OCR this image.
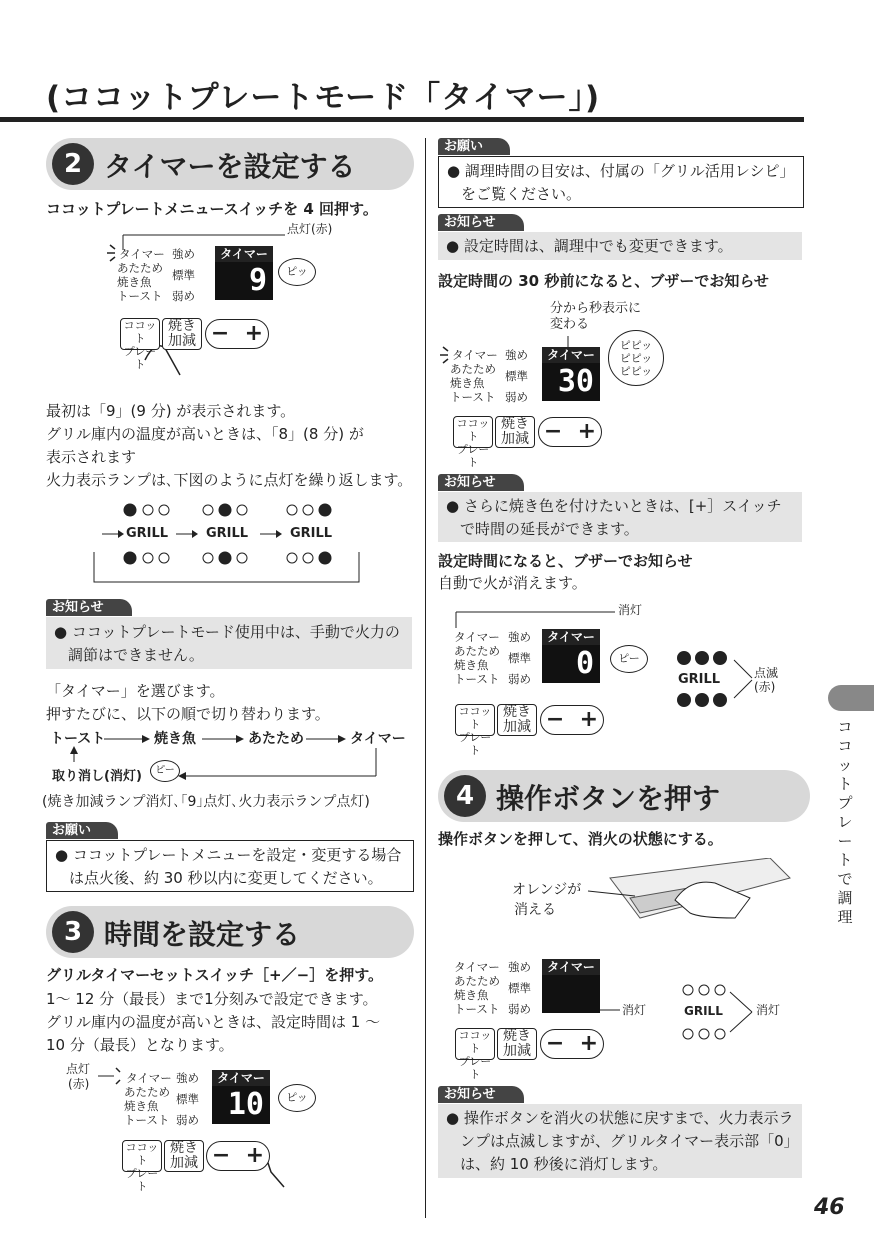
(ココットプレートモード「タイマー」)
2 タイマーを設定する
ココットプレートメニュースイッチを 4 回押す。
点灯(赤)
タイマー
あたため
焼き魚
トースト
強め
標準
弱め
タイマー
9	ピッ
ココット
プレート
焼き
加減 − +
最初は「9」(9 分) が表示されます。
グリル庫内の温度が高いときは、「8」(8 分) が
表示されます
火力表示ランプは､下図のように点灯を繰り返します。
GRILL	GRILL	GRILL
お知らせ
● ココットプレートモード使用中は、手動で火力の
調節はできません。
「タイマー」を選びます。
押すたびに、以下の順で切り替わります。
トースト	焼き魚	あたため	タイマー
取り消し(消灯)	ピー
(焼き加減ランプ消灯､｢9｣点灯､火力表示ランプ点灯)
お願い
● ココットプレートメニューを設定・変更する場合
は点火後、約 30 秒以内に変更してください。
3 時間を設定する
グリルタイマーセットスイッチ［+／−］を押す。
1〜 12 分（最長）まで1分刻みで設定できます。
グリル庫内の温度が高いときは、設定時間は 1 〜
10 分（最長）となります。
点灯
(赤)	タイマー
あたため
焼き魚
トースト
強め
標準
弱め
タイマー
10	ピッ
ココット
プレート
焼き
加減 − +
お願い
● 調理時間の目安は、付属の「グリル活用レシピ」
をご覧ください。
お知らせ
● 設定時間は、調理中でも変更できます。
設定時間の 30 秒前になると、ブザーでお知らせ
分から秒表示に
変わる
タイマー
あたため
焼き魚
トースト
強め
標準
弱め
タイマー
30
ピピッ
ピピッ
ピピッ
ココット
プレート
焼き
加減 − +
お知らせ
● さらに焼き色を付けたいときは、[+］スイッチ
で時間の延長ができます。
設定時間になると、ブザーでお知らせ
自動で火が消えます。
消灯
タイマー
あたため
焼き魚
トースト
強め
標準
弱め
タイマー
0	ピー
GRILL	点滅
(赤)
ココット
プレート
焼き
加減 − +
4 操作ボタンを押す
操作ボタンを押して、消火の状態にする。
オレンジが
消える
タイマー
あたため
焼き魚
トースト
強め
標準
弱め
タイマー
消灯	GRILL	消灯
ココット
プレート
焼き
加減 − +
お知らせ
● 操作ボタンを消火の状態に戻すまで、火力表示ラ
ンプは点滅しますが、グリルタイマー表示部「0」
は、約 10 秒後に消灯します。
ココットプレートで調理
46
